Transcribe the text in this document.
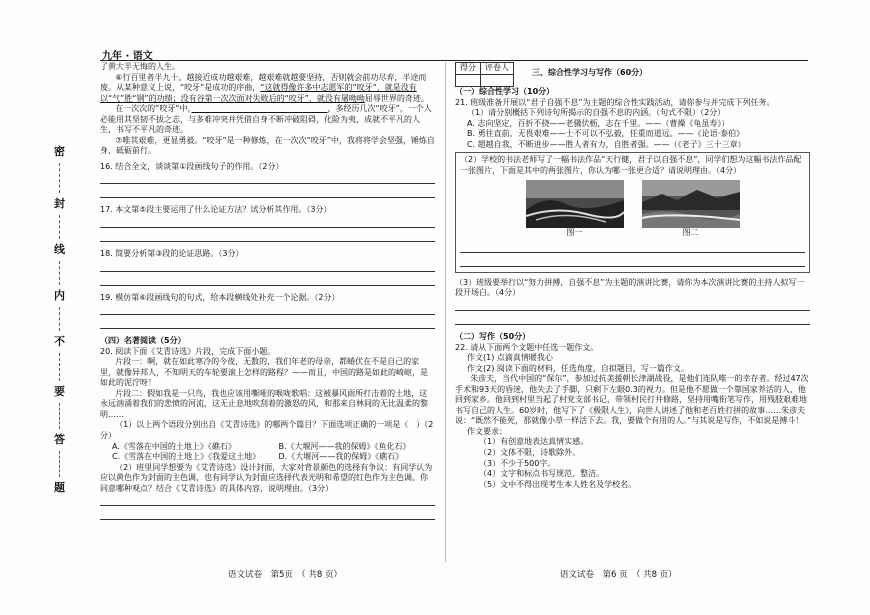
九年 · 语文
密
封
线
内
不
要
答
题

了黄大半无悔的人生。

⑥行百里者半九十。越接近成功越艰难，越艰难就越要坚持，否则就会前功尽弃，半途而废。从某种意义上说，“咬牙”是成功的序曲，“这就得像许多中志愿军的“咬牙”，就是没有以“气”胜“钢”的功绩；没有谷第一次次面对失败后的“咬牙”，就没有屠呦呦屈辱世界的奇迹。

在一次次的“咬牙”中，　　　　　　　　　　　　　　　　　	，多经历几次“咬牙”，一个人必能用其坚韧不拔之志，与多难冲突并凭借自身不断冲破阻碍，化险为夷，成就不平凡的人生，书写不平凡的奇迹。

⑦唯其艰难，更显勇毅。“咬牙”是一种修炼，在一次次“咬牙”中，我将将学会坚强，锤炼自身，砥砺前行。

16. 结合全文，谈谈第①段画线句子的作用。（2分）

17. 本文第⑤段主要运用了什么论证方法？试分析其作用。（3分）

18. 简要分析第③段的论证思路。（3分）

19. 模仿第⑥段画线句的句式，给本段横线处补充一个论据。（2分）

（四）名著阅读（5分）

20. 阅读下面《艾青诗选》片段，完成下面小题。

片段一：啊，就在如此寒冷的今夜，无数的，我们年老的母亲，都蜷伏在不是自己的家里，就像异邦人，不知明天的车轮要滚上怎样的路程？——而且，中国的路是如此的崎岖，是如此的泥泞呀！

片段二：假如我是一只鸟，我也应该用嘶哑的喉咙歌唱：这被暴风雨所打击着的土地，这永远汹涌着我们的悲愤的河流，这无止息地吹刮着的激怒的风，和那来自林间的无比温柔的黎明……

（1）以上两个语段分别出自《艾青诗选》的哪两个篇目？下面选项正确的一项是（　）（2分）

A.《雪落在中国的土地上》《礁石》	B.《大堰河——我的保姆》《鱼化石》
C.《雪落在中国的土地上》《我爱这土地》	D.《大堰河——我的保姆》《礁石》

（2）班里同学想要为《艾青诗选》设计封面，大家对背景颜色的选择有争议：有同学认为应以黄色作为封面的主色调，也有同学认为封面应选择代表光明和希望的红色作为主色调。你同意哪种观点？结合《艾青诗选》的具体内容，说明理由。（3分）

得分	评卷人

三、综合性学习与写作（60分）

（一）综合性学习（10分）

21. 班级准备开展以“君子自强不息”为主题的综合性实践活动，请你参与并完成下列任务。

（1）请分别概括下列诗句所揭示的自强不息的内涵。（句式不限）（2分）

A. 志向坚定，百折不挠——老骥伏枥，志在千里。——（曹操《龟虽寿》）

B. 勇往直前，无畏艰难——士不可以不弘毅，任重而道远。——《论语·泰伯》

C. 超越自我，不断进步——胜人者有力，自胜者强。——（《老子》三十三章）

（2）学校的书法老师写了一幅书法作品“天行健，君子以自强不息”，同学们想为这幅书法作品配一张图片，下面是其中的两张图片，你认为哪一张更合适？请说明理由。（4分）

图一	图二

（3）班级要举行以“努力拼搏，自强不息”为主题的演讲比赛，请你为本次演讲比赛的主持人拟写一段开场白。（4分）

（二）写作（50分）

22. 请从下面两个文题中任选一题作文。

作文(1) 点滴真情暖我心

作文(2) 阅读下面的材料，任选角度，自拟题目，写一篇作文。

朱彦夫，当代中国的“保尔”，参加过抗美援朝长津湖战役，是他们连队唯一的幸存者。经过47次手术和93天的昏迷，他失去了手脚，只剩下左眼0.3的视力。但是他不愿做一个靠国家养活的人，他回到家乡。他回到村里当起了村党支部书记，带领村民打井修路，坚持用嘴衔笔写作，用残肢艰难地书写自己的人生。60岁时，他写下了《极限人生》，向世人讲述了他和老百姓打拼的故事……朱彦夫说：“既然不能死，那就像小草一样活下去。我，要做个有用的人。”与其说是写作，不如说是搏斗！

作文要求：

（1）有创意地表达真情实感。

（2）文体不限，诗歌除外。

（3）不少于500字。

（4）文字和标点书写规范、整洁。

（5）文中不得出现考生本人姓名及学校名。

语文试卷　第5页　（ 共8 页）	语文试卷　第6 页　（ 共8 页）
